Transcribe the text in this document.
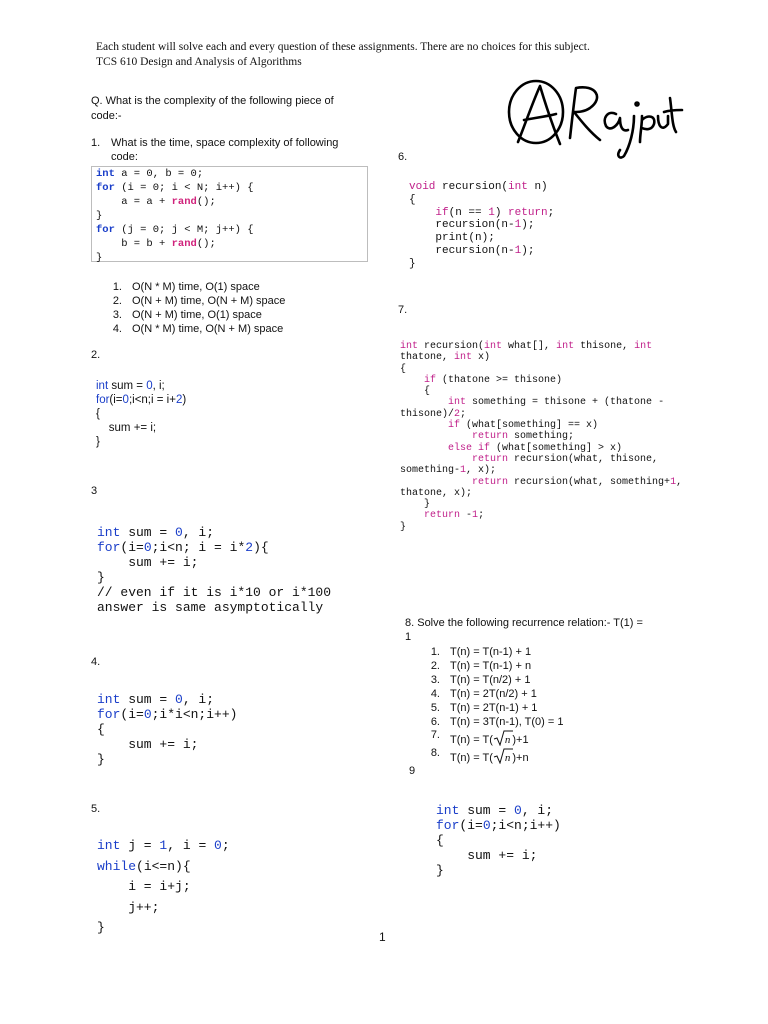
Each student will solve each and every question of these assignments. There are no choices for this subject.
TCS 610 Design and Analysis of Algorithms
Q. What is the complexity of the following piece of
code:-
1. What is the time, space complexity of following
code:
int a = 0, b = 0;
for (i = 0; i < N; i++) {
a = a + rand();
}
for (j = 0; j < M; j++) {
b = b + rand();
}
1. O(N * M) time, O(1) space
2. O(N + M) time, O(N + M) space
3. O(N + M) time, O(1) space
4. O(N * M) time, O(N + M) space
2.
int sum = 0, i;
for(i=0;i<n;i = i+2)
{
sum += i;
}
3
int sum = 0, i;
for(i=0;i<n; i = i*2){
sum += i;
}
// even if it is i*10 or i*100
answer is same asymptotically
4.
int sum = 0, i;
for(i=0;i*i<n;i++)
{
sum += i;
}
5.
int j = 1, i = 0;
while(i<=n){
i = i+j;
j++;
}
6.
void recursion(int n)
{
if(n == 1) return;
recursion(n-1);
print(n);
recursion(n-1);
}
7.
int recursion(int what[], int thisone, int
thatone, int x)
{
if (thatone >= thisone)
{
int something = thisone + (thatone -
thisone)/2;
if (what[something] == x)
return something;
else if (what[something] > x)
return recursion(what, thisone,
something-1, x);
return recursion(what, something+1,
thatone, x);
}
return -1;
}
8. Solve the following recurrence relation:- T(1) =
1
1. T(n) = T(n-1) + 1
2. T(n) = T(n-1) + n
3. T(n) = T(n/2) + 1
4. T(n) = 2T(n/2) + 1
5. T(n) = 2T(n-1) + 1
6. T(n) = 3T(n-1), T(0) = 1
7. T(n) = T( n )+1
8. T(n) = T( n )+n
9
int sum = 0, i;
for(i=0;i<n;i++)
{
sum += i;
}
1
